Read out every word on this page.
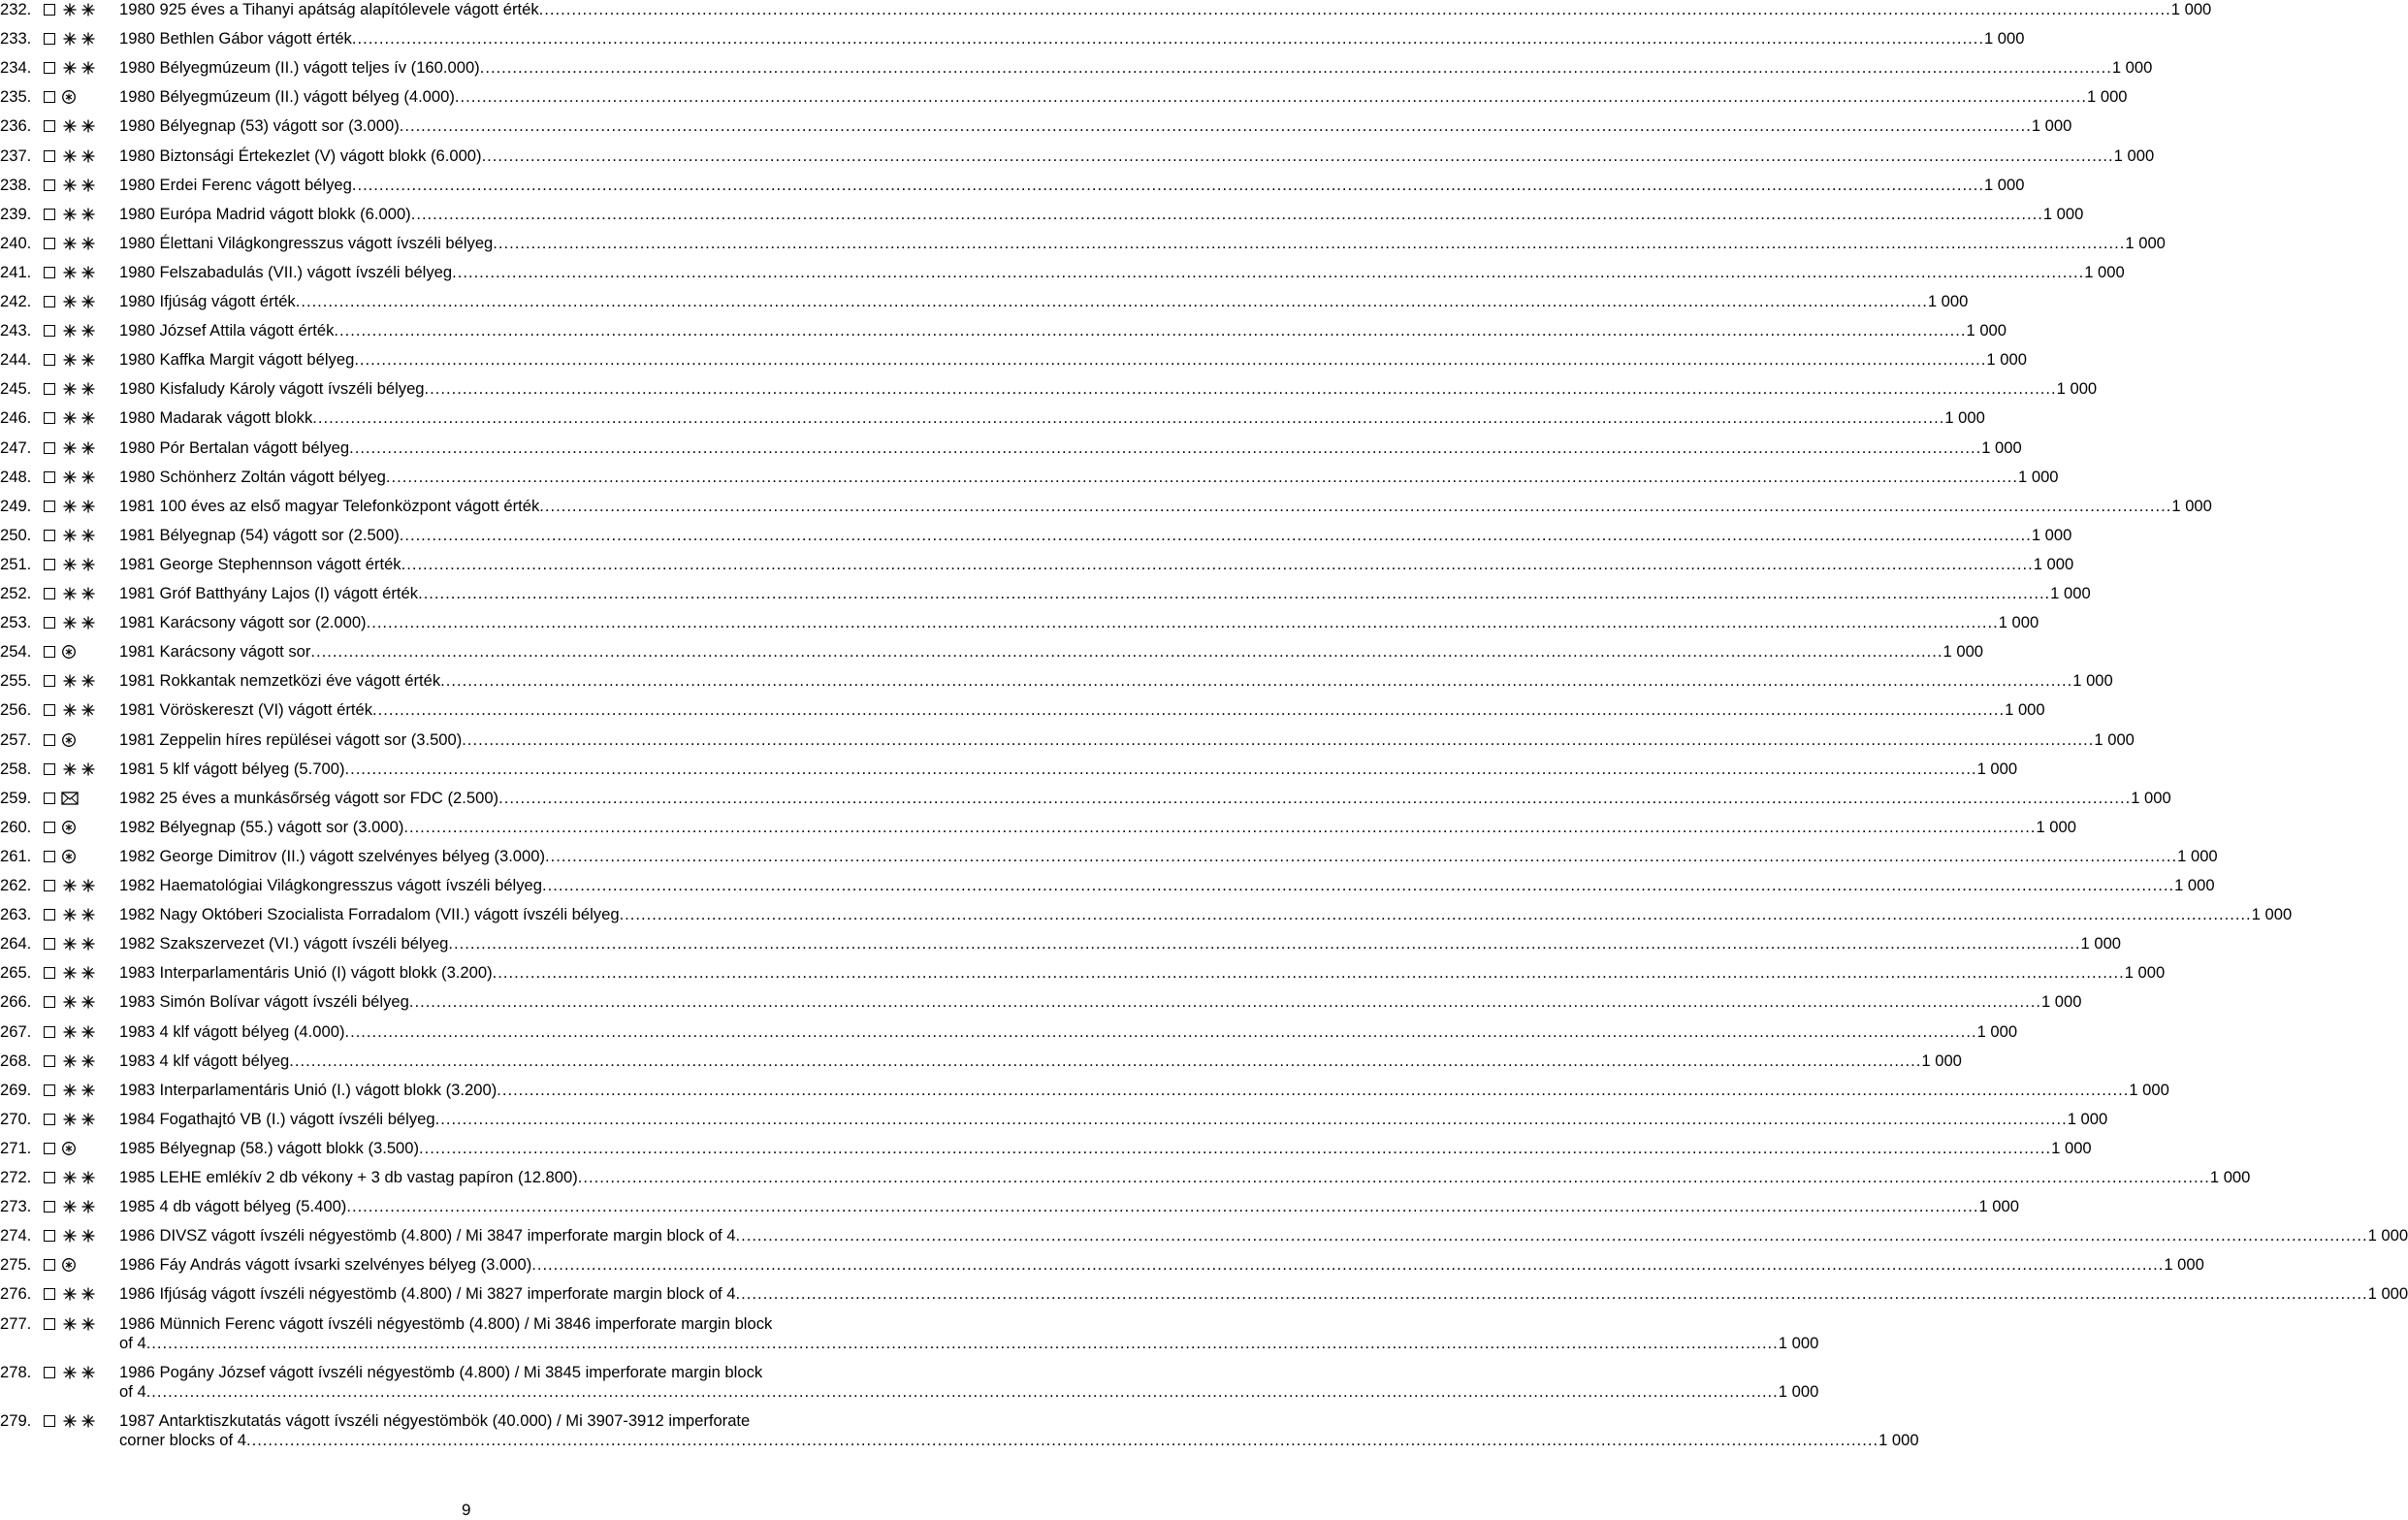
232.	1980 925 éves a Tihanyi apátság alapítólevele vágott érték ............................................................................................................................................................................................................................................................................................................ 1 000
233.	1980 Bethlen Gábor vágott érték ............................................................................................................................................................................................................................................................................................................ 1 000
234.	1980 Bélyegmúzeum (II.) vágott teljes ív (160.000) ............................................................................................................................................................................................................................................................................................................ 1 000
235.	1980 Bélyegmúzeum (II.) vágott bélyeg (4.000) ............................................................................................................................................................................................................................................................................................................ 1 000
236.	1980 Bélyegnap (53) vágott sor (3.000) ............................................................................................................................................................................................................................................................................................................ 1 000
237.	1980 Biztonsági Értekezlet (V) vágott blokk (6.000) ............................................................................................................................................................................................................................................................................................................ 1 000
238.	1980 Erdei Ferenc vágott bélyeg ............................................................................................................................................................................................................................................................................................................ 1 000
239.	1980 Európa Madrid vágott blokk (6.000) ............................................................................................................................................................................................................................................................................................................ 1 000
240.	1980 Élettani Világkongresszus vágott ívszéli bélyeg ............................................................................................................................................................................................................................................................................................................ 1 000
241.	1980 Felszabadulás (VII.) vágott ívszéli bélyeg ............................................................................................................................................................................................................................................................................................................ 1 000
242.	1980 Ifjúság vágott érték ............................................................................................................................................................................................................................................................................................................ 1 000
243.	1980 József Attila vágott érték ............................................................................................................................................................................................................................................................................................................ 1 000
244.	1980 Kaffka Margit vágott bélyeg ............................................................................................................................................................................................................................................................................................................ 1 000
245.	1980 Kisfaludy Károly vágott ívszéli bélyeg ............................................................................................................................................................................................................................................................................................................ 1 000
246.	1980 Madarak vágott blokk ............................................................................................................................................................................................................................................................................................................ 1 000
247.	1980 Pór Bertalan vágott bélyeg ............................................................................................................................................................................................................................................................................................................ 1 000
248.	1980 Schönherz Zoltán vágott bélyeg ............................................................................................................................................................................................................................................................................................................ 1 000
249.	1981 100 éves az első magyar Telefonközpont vágott érték ............................................................................................................................................................................................................................................................................................................ 1 000
250.	1981 Bélyegnap (54) vágott sor (2.500) ............................................................................................................................................................................................................................................................................................................ 1 000
251.	1981 George Stephennson vágott érték ............................................................................................................................................................................................................................................................................................................ 1 000
252.	1981 Gróf Batthyány Lajos (I) vágott érték ............................................................................................................................................................................................................................................................................................................ 1 000
253.	1981 Karácsony vágott sor (2.000) ............................................................................................................................................................................................................................................................................................................ 1 000
254.	1981 Karácsony vágott sor ............................................................................................................................................................................................................................................................................................................ 1 000
255.	1981 Rokkantak nemzetközi éve vágott érték ............................................................................................................................................................................................................................................................................................................ 1 000
256.	1981 Vöröskereszt (VI) vágott érték ............................................................................................................................................................................................................................................................................................................ 1 000
257.	1981 Zeppelin híres repülései vágott sor (3.500) ............................................................................................................................................................................................................................................................................................................ 1 000
258.	1981 5 klf vágott bélyeg (5.700) ............................................................................................................................................................................................................................................................................................................ 1 000
259.	1982 25 éves a munkásőrség vágott sor FDC (2.500) ............................................................................................................................................................................................................................................................................................................ 1 000
260.	1982 Bélyegnap (55.) vágott sor (3.000) ............................................................................................................................................................................................................................................................................................................ 1 000
261.	1982 George Dimitrov (II.) vágott szelvényes bélyeg (3.000) ............................................................................................................................................................................................................................................................................................................ 1 000
262.	1982 Haematológiai Világkongresszus vágott ívszéli bélyeg ............................................................................................................................................................................................................................................................................................................ 1 000
263.	1982 Nagy Októberi Szocialista Forradalom (VII.) vágott ívszéli bélyeg ............................................................................................................................................................................................................................................................................................................ 1 000
264.	1982 Szakszervezet (VI.) vágott ívszéli bélyeg ............................................................................................................................................................................................................................................................................................................ 1 000
265.	1983 Interparlamentáris Unió (I) vágott blokk (3.200) ............................................................................................................................................................................................................................................................................................................ 1 000
266.	1983 Simón Bolívar vágott ívszéli bélyeg ............................................................................................................................................................................................................................................................................................................ 1 000
267.	1983 4 klf vágott bélyeg (4.000) ............................................................................................................................................................................................................................................................................................................ 1 000
268.	1983 4 klf vágott bélyeg ............................................................................................................................................................................................................................................................................................................ 1 000
269.	1983 Interparlamentáris Unió (I.) vágott blokk (3.200) ............................................................................................................................................................................................................................................................................................................ 1 000
270.	1984 Fogathajtó VB (I.) vágott ívszéli bélyeg ............................................................................................................................................................................................................................................................................................................ 1 000
271.	1985 Bélyegnap (58.) vágott blokk (3.500) ............................................................................................................................................................................................................................................................................................................ 1 000
272.	1985 LEHE emlékív 2 db vékony + 3 db vastag papíron (12.800) ............................................................................................................................................................................................................................................................................................................ 1 000
273.	1985 4 db vágott bélyeg (5.400) ............................................................................................................................................................................................................................................................................................................ 1 000
274.	1986 DIVSZ vágott ívszéli négyestömb (4.800) / Mi 3847 imperforate margin block of 4 ............................................................................................................................................................................................................................................................................................................ 1 000
275.	1986 Fáy András vágott ívsarki szelvényes bélyeg (3.000) ............................................................................................................................................................................................................................................................................................................ 1 000
276.	1986 Ifjúság vágott ívszéli négyestömb (4.800) / Mi 3827 imperforate margin block of 4 ............................................................................................................................................................................................................................................................................................................ 1 000
277.	1986 Münnich Ferenc vágott ívszéli négyestömb (4.800) / Mi 3846 imperforate margin block
of 4 ............................................................................................................................................................................................................................................................................................................ 1 000
278.	1986 Pogány József vágott ívszéli négyestömb (4.800) / Mi 3845 imperforate margin block
of 4 ............................................................................................................................................................................................................................................................................................................ 1 000
279.	1987 Antarktiszkutatás vágott ívszéli négyestömbök (40.000) / Mi 3907-3912 imperforate
corner blocks of 4 ............................................................................................................................................................................................................................................................................................................ 1 000
9
